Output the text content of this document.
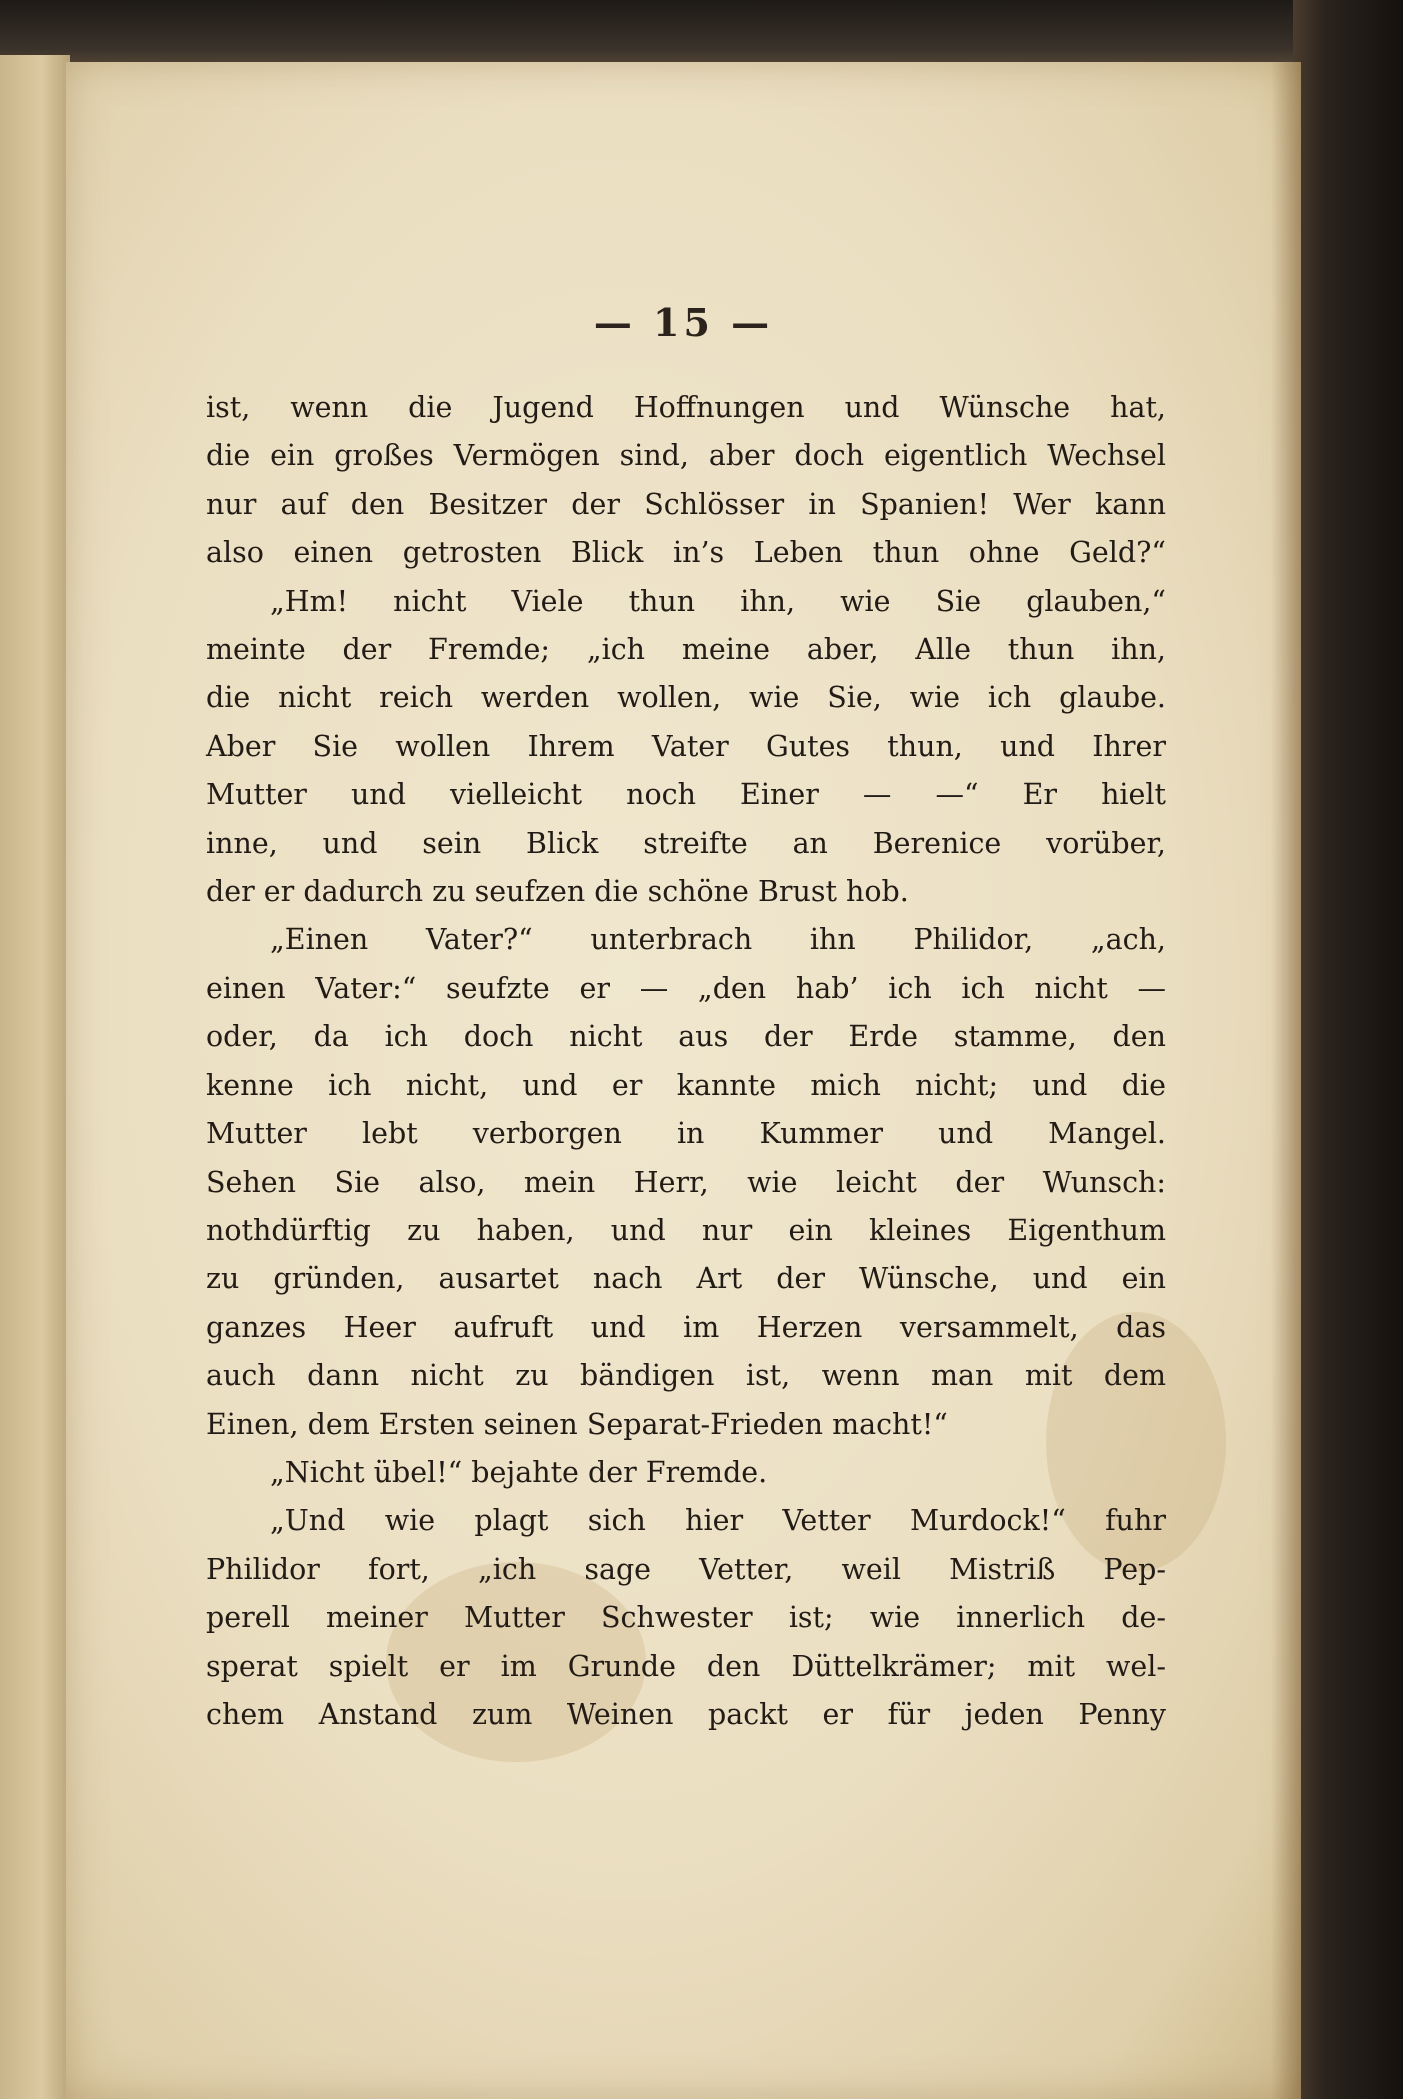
— 15 —
ist, wenn die Jugend Hoffnungen und Wünsche hat,
die ein großes Vermögen sind, aber doch eigentlich Wechsel
nur auf den Besitzer der Schlösser in Spanien! Wer kann
also einen getrosten Blick in’s Leben thun ohne Geld?“
„Hm! nicht Viele thun ihn, wie Sie glauben,“
meinte der Fremde; „ich meine aber, Alle thun ihn,
die nicht reich werden wollen, wie Sie, wie ich glaube.
Aber Sie wollen Ihrem Vater Gutes thun, und Ihrer
Mutter und vielleicht noch Einer — —“ Er hielt
inne, und sein Blick streifte an Berenice vorüber,
der er dadurch zu seufzen die schöne Brust hob.
„Einen Vater?“ unterbrach ihn Philidor, „ach,
einen Vater:“ seufzte er — „den hab’ ich ich nicht —
oder, da ich doch nicht aus der Erde stamme, den
kenne ich nicht, und er kannte mich nicht; und die
Mutter lebt verborgen in Kummer und Mangel.
Sehen Sie also, mein Herr, wie leicht der Wunsch:
nothdürftig zu haben, und nur ein kleines Eigenthum
zu gründen, ausartet nach Art der Wünsche, und ein
ganzes Heer aufruft und im Herzen versammelt, das
auch dann nicht zu bändigen ist, wenn man mit dem
Einen, dem Ersten seinen Separat-Frieden macht!“
„Nicht übel!“ bejahte der Fremde.
„Und wie plagt sich hier Vetter Murdock!“ fuhr
Philidor fort, „ich sage Vetter, weil Mistriß Pep-
perell meiner Mutter Schwester ist; wie innerlich de-
sperat spielt er im Grunde den Düttelkrämer; mit wel-
chem Anstand zum Weinen packt er für jeden Penny
